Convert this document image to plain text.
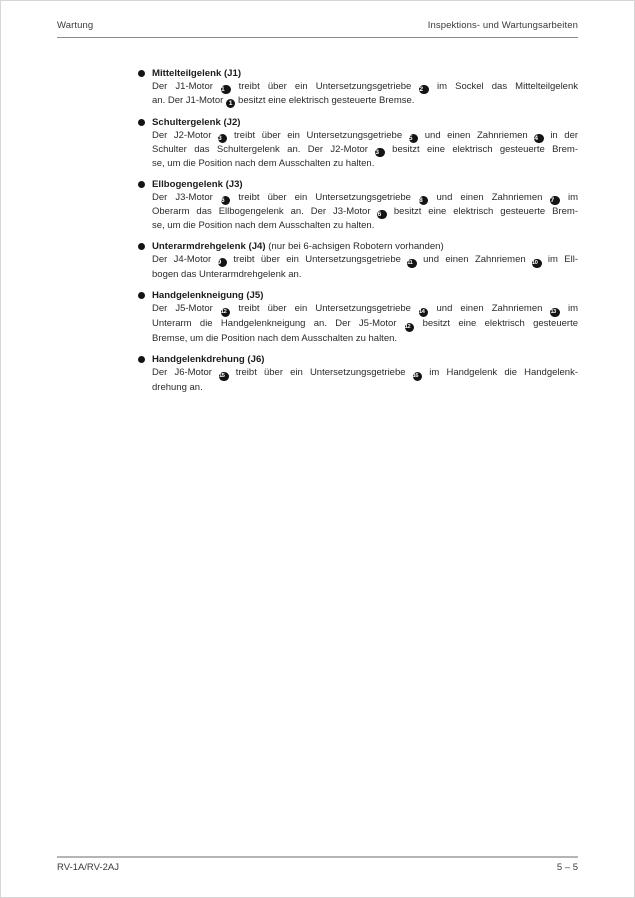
Wartung	Inspektions- und Wartungsarbeiten
Mittelteilgelenk (J1)
Der J1-Motor 1 treibt über ein Untersetzungsgetriebe 2 im Sockel das Mittelteilgelenk
an. Der J1-Motor 1 besitzt eine elektrisch gesteuerte Bremse.
Schultergelenk (J2)
Der J2-Motor 3 treibt über ein Untersetzungsgetriebe 5 und einen Zahnriemen 4 in der
Schulter das Schultergelenk an. Der J2-Motor 3 besitzt eine elektrisch gesteuerte Brem-
se, um die Position nach dem Ausschalten zu halten.
Ellbogengelenk (J3)
Der J3-Motor 6 treibt über ein Untersetzungsgetriebe 8 und einen Zahnriemen 7 im
Oberarm das Ellbogengelenk an. Der J3-Motor 6 besitzt eine elektrisch gesteuerte Brem-
se, um die Position nach dem Ausschalten zu halten.
Unterarmdrehgelenk (J4) (nur bei 6-achsigen Robotern vorhanden)
Der J4-Motor 9 treibt über ein Untersetzungsgetriebe 11 und einen Zahnriemen 10 im Ell-
bogen das Unterarmdrehgelenk an.
Handgelenkneigung (J5)
Der J5-Motor 12 treibt über ein Untersetzungsgetriebe 14 und einen Zahnriemen 13 im
Unterarm die Handgelenkneigung an. Der J5-Motor 12 besitzt eine elektrisch gesteuerte
Bremse, um die Position nach dem Ausschalten zu halten.
Handgelenkdrehung (J6)
Der J6-Motor 15 treibt über ein Untersetzungsgetriebe 16 im Handgelenk die Handgelenk-
drehung an.
RV-1A/RV-2AJ	5 – 5
